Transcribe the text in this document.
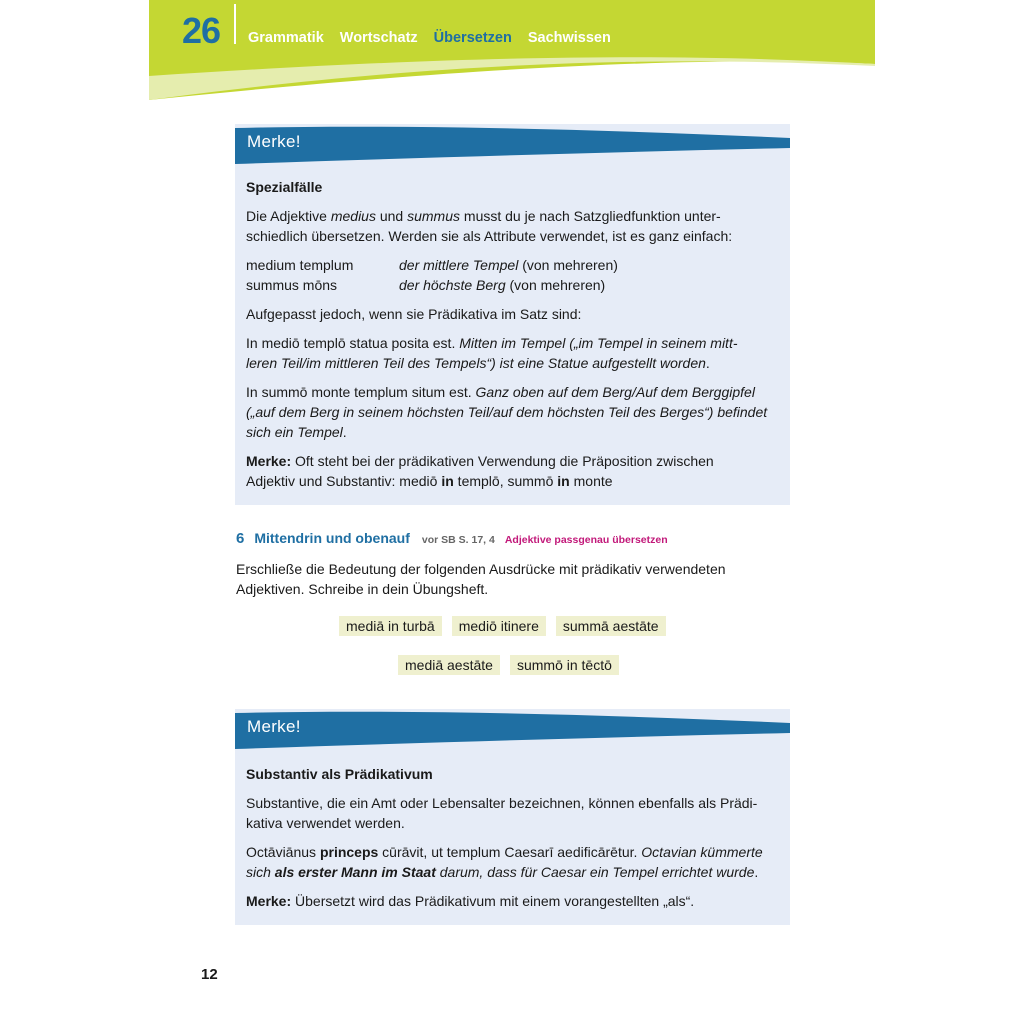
26 Grammatik Wortschatz Übersetzen Sachwissen
Merke!
Spezialfälle

Die Adjektive medius und summus musst du je nach Satzgliedfunktion unter-
schiedlich übersetzen. Werden sie als Attribute verwendet, ist es ganz einfach:

medium templum	der mittlere Tempel (von mehreren)
summus mōns	der höchste Berg (von mehreren)

Aufgepasst jedoch, wenn sie Prädikativa im Satz sind:

In mediō templō statua posita est. Mitten im Tempel („im Tempel in seinem mitt-
leren Teil/im mittleren Teil des Tempels“) ist eine Statue aufgestellt worden.

In summō monte templum situm est. Ganz oben auf dem Berg/Auf dem Berggipfel
(„auf dem Berg in seinem höchsten Teil/auf dem höchsten Teil des Berges“) befindet
sich ein Tempel.

Merke: Oft steht bei der prädikativen Verwendung die Präposition zwischen
Adjektiv und Substantiv: mediō in templō, summō in monte

6 Mittendrin und obenauf vor SB S. 17, 4 Adjektive passgenau übersetzen
Erschließe die Bedeutung der folgenden Ausdrücke mit prädikativ verwendeten
Adjektiven. Schreibe in dein Übungsheft.
mediā in turbā	mediō itinere	summā aestāte
mediā aestāte	summō in tēctō
Merke!
Substantiv als Prädikativum

Substantive, die ein Amt oder Lebensalter bezeichnen, können ebenfalls als Prädi-
kativa verwendet werden.

Octāviānus princeps cūrāvit, ut templum Caesarī aedificārētur. Octavian kümmerte
sich als erster Mann im Staat darum, dass für Caesar ein Tempel errichtet wurde.

Merke: Übersetzt wird das Prädikativum mit einem vorangestellten „als“.

12
